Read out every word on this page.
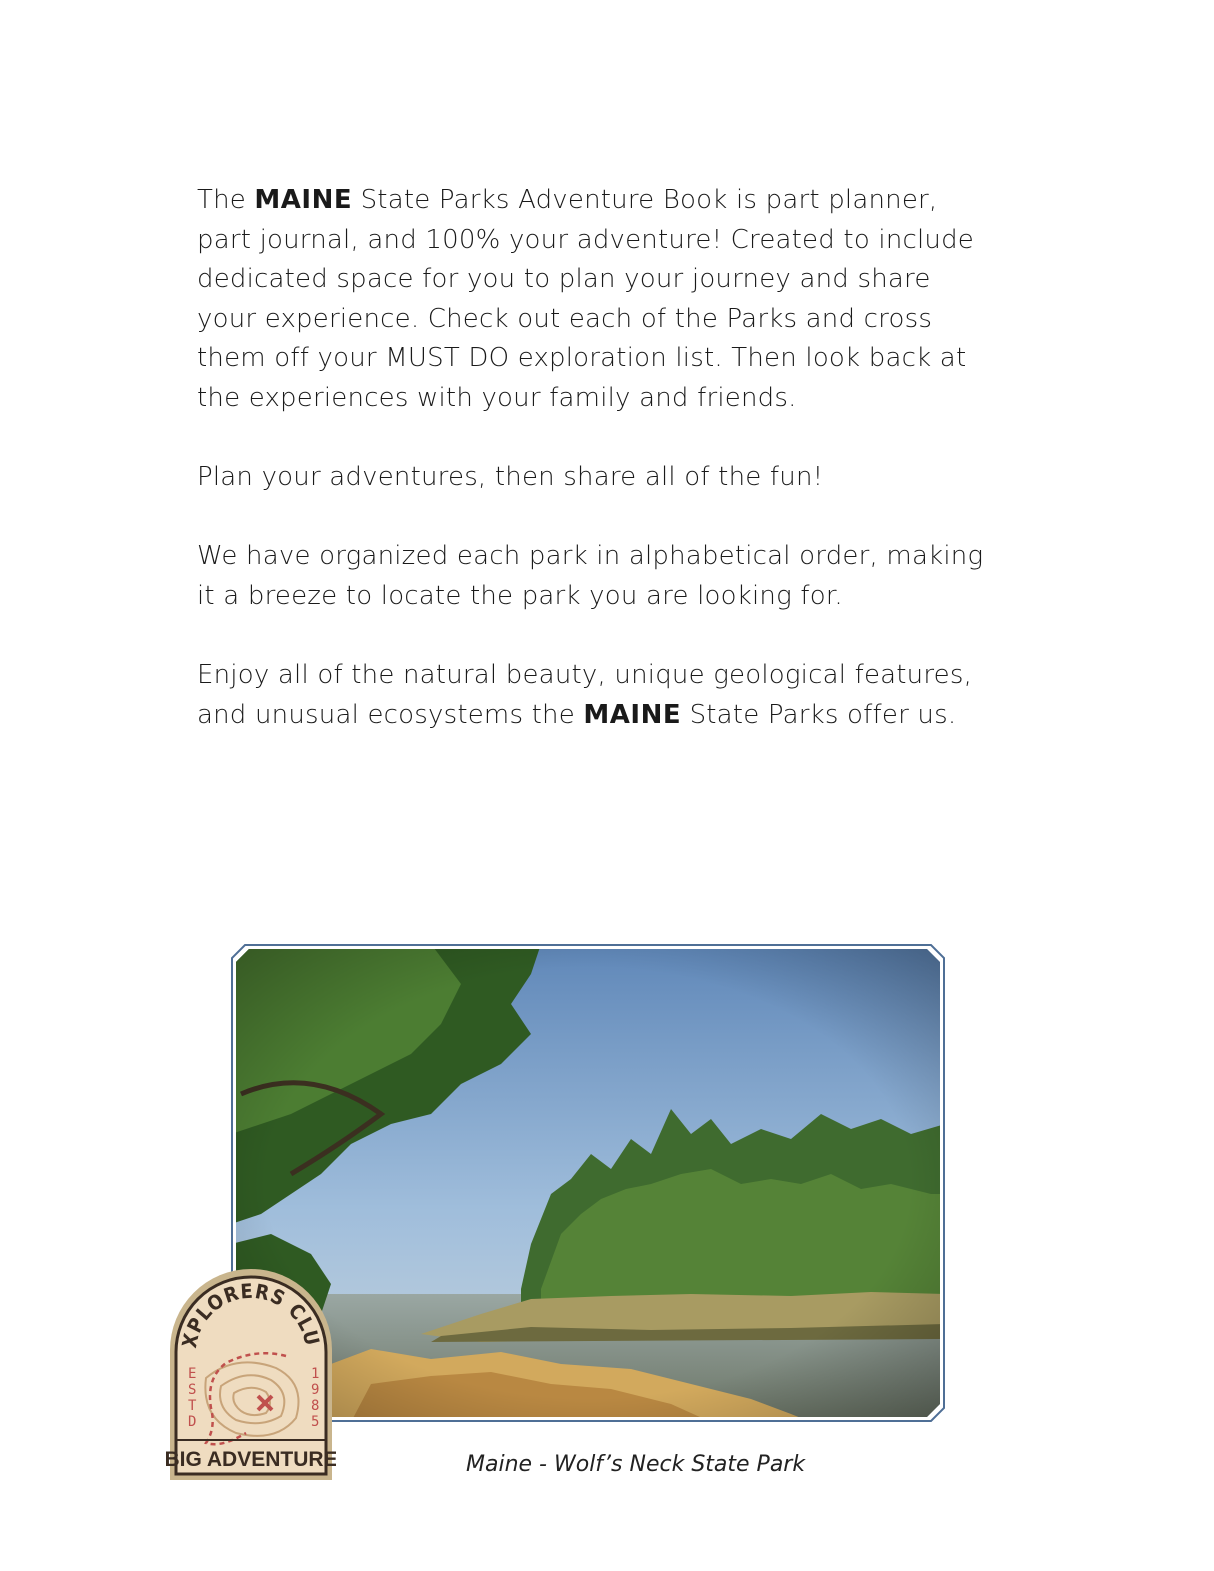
The MAINE State Parks Adventure Book is part planner, part journal, and 100% your adventure! Created to include dedicated space for you to plan your journey and share your experience. Check out each of the Parks and cross them off your MUST DO exploration list. Then look back at the experiences with your family and friends.

Plan your adventures, then share all of the fun!

We have organized each park in alphabetical order, making it a breeze to locate the park you are looking for.

Enjoy all of the natural beauty, unique geological features, and unusual ecosystems the MAINE State Parks offer us.

XPLORERS CLU
E S T D
1 9 8 5
BIG ADVENTURE	Maine - Wolf’s Neck State Park
